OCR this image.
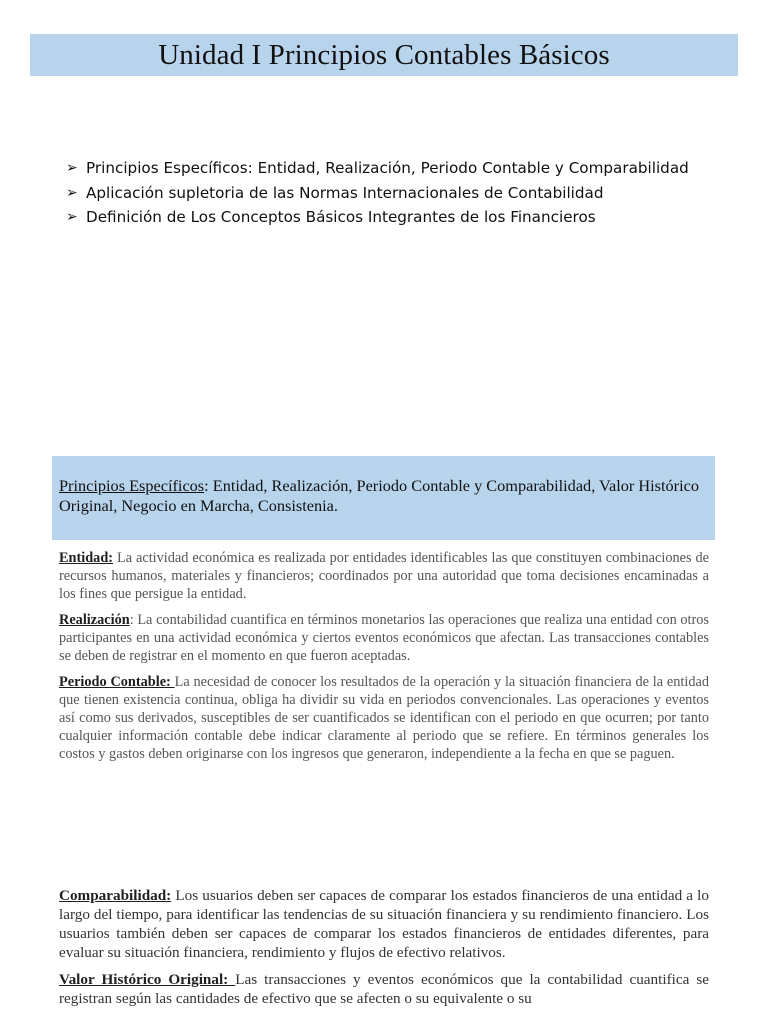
Unidad I Principios Contables Básicos
➢ Principios Específicos: Entidad, Realización, Periodo Contable y Comparabilidad
➢ Aplicación supletoria de las Normas Internacionales de Contabilidad
➢ Definición de Los Conceptos Básicos Integrantes de los Financieros
Principios Específicos: Entidad, Realización, Periodo Contable y Comparabilidad, Valor Histórico Original, Negocio en Marcha, Consistenia.

Entidad: La actividad económica es realizada por entidades identificables las que constituyen combinaciones de recursos humanos, materiales y financieros; coordinados por una autoridad que toma decisiones encaminadas a los fines que persigue la entidad.

Realización: La contabilidad cuantifica en términos monetarios las operaciones que realiza una entidad con otros participantes en una actividad económica y ciertos eventos económicos que afectan. Las transacciones contables se deben de registrar en el momento en que fueron aceptadas.

Periodo Contable: La necesidad de conocer los resultados de la operación y la situación financiera de la entidad que tienen existencia continua, obliga ha dividir su vida en periodos convencionales. Las operaciones y eventos así como sus derivados, susceptibles de ser cuantificados se identifican con el periodo en que ocurren; por tanto cualquier información contable debe indicar claramente al periodo que se refiere. En términos generales los costos y gastos deben originarse con los ingresos que generaron, independiente a la fecha en que se paguen.

Comparabilidad: Los usuarios deben ser capaces de comparar los estados financieros de una entidad a lo largo del tiempo, para identificar las tendencias de su situación financiera y su rendimiento financiero. Los usuarios también deben ser capaces de comparar los estados financieros de entidades diferentes, para evaluar su situación financiera, rendimiento y flujos de efectivo relativos.

Valor Histórico Original: Las transacciones y eventos económicos que la contabilidad cuantifica se registran según las cantidades de efectivo que se afecten o su equivalente o su
